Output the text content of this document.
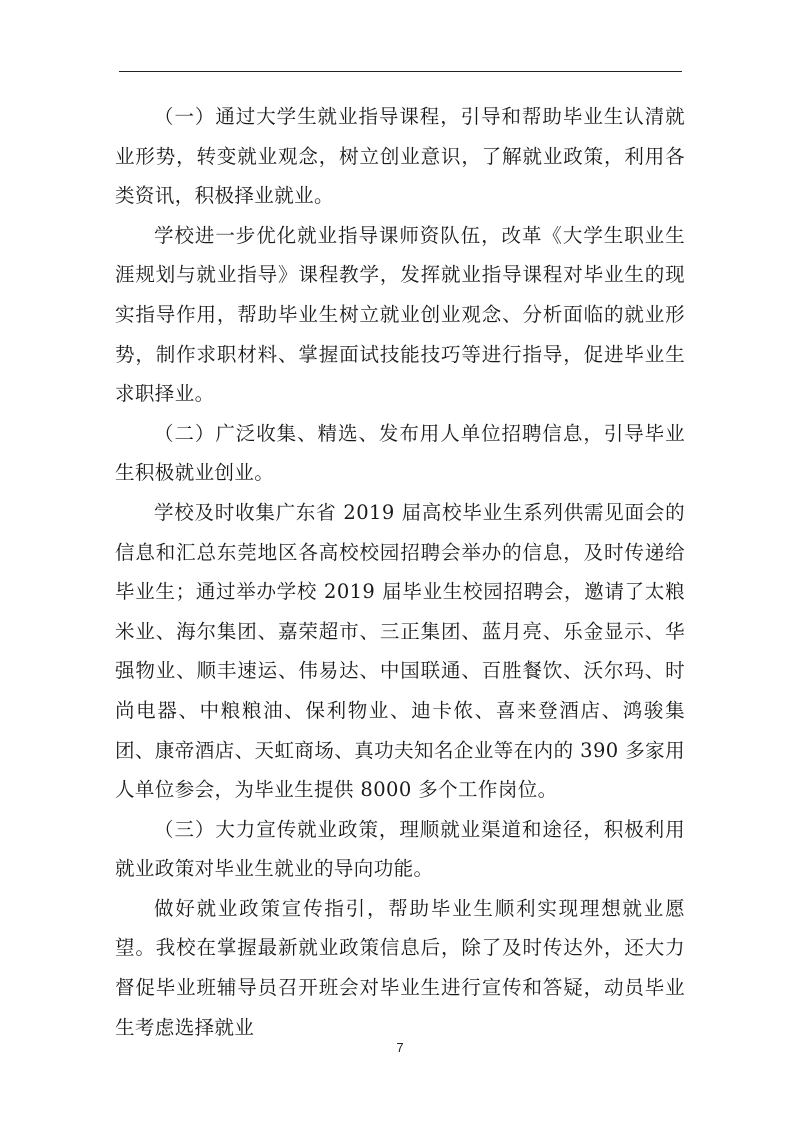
（一）通过大学生就业指导课程，引导和帮助毕业生认清就业形势，转变就业观念，树立创业意识，了解就业政策，利用各类资讯，积极择业就业。

学校进一步优化就业指导课师资队伍，改革《大学生职业生涯规划与就业指导》课程教学，发挥就业指导课程对毕业生的现实指导作用，帮助毕业生树立就业创业观念、分析面临的就业形势，制作求职材料、掌握面试技能技巧等进行指导，促进毕业生求职择业。

（二）广泛收集、精选、发布用人单位招聘信息，引导毕业生积极就业创业。

学校及时收集广东省 2019 届高校毕业生系列供需见面会的信息和汇总东莞地区各高校校园招聘会举办的信息，及时传递给毕业生；通过举办学校 2019 届毕业生校园招聘会，邀请了太粮米业、海尔集团、嘉荣超市、三正集团、蓝月亮、乐金显示、华强物业、顺丰速运、伟易达、中国联通、百胜餐饮、沃尔玛、时尚电器、中粮粮油、保利物业、迪卡侬、喜来登酒店、鸿骏集团、康帝酒店、天虹商场、真功夫知名企业等在内的 390 多家用人单位参会，为毕业生提供 8000 多个工作岗位。

（三）大力宣传就业政策，理顺就业渠道和途径，积极利用就业政策对毕业生就业的导向功能。

做好就业政策宣传指引，帮助毕业生顺利实现理想就业愿望。我校在掌握最新就业政策信息后，除了及时传达外，还大力督促毕业班辅导员召开班会对毕业生进行宣传和答疑，动员毕业生考虑选择就业

7
